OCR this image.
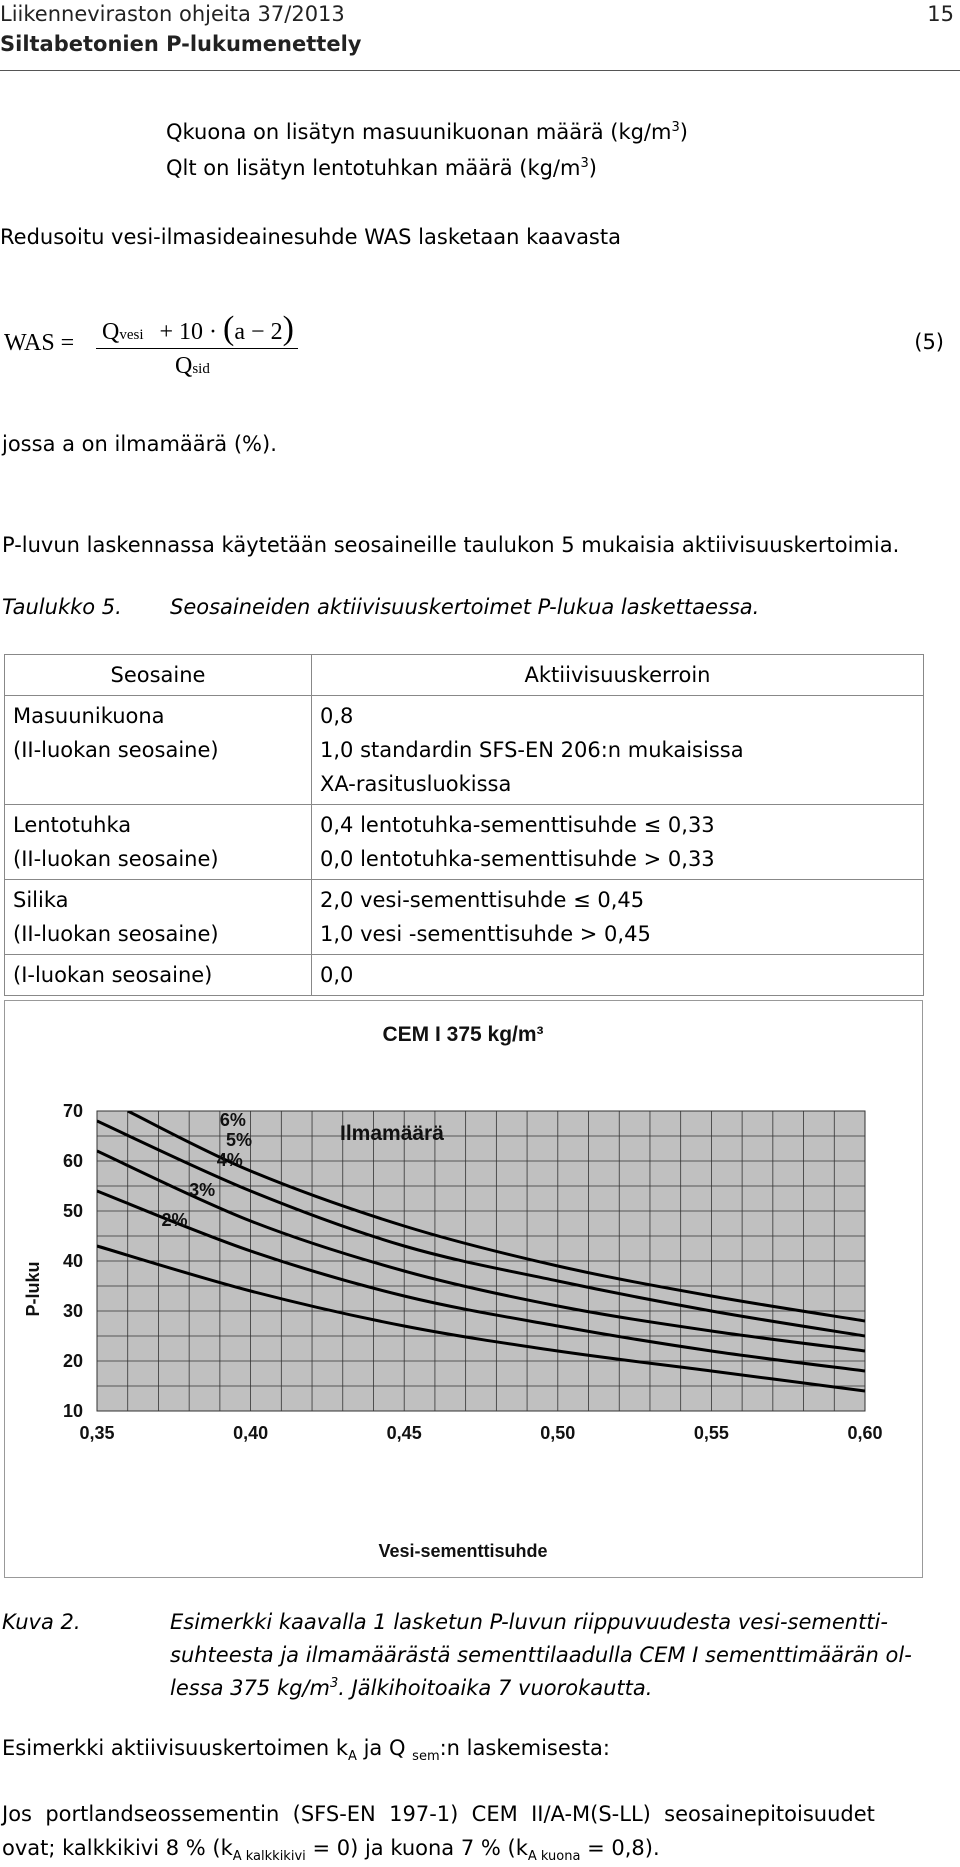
Liikenneviraston ohjeita 37/2013
Siltabetonien P-lukumenettely
15
Qkuona on lisätyn masuunikuonan määrä $(kg/m^3)$
Qlt on lisätyn lentotuhkan määrä $(kg/m^3)$
Redusoitu vesi-ilmasideainesuhde WAS lasketaan kaavasta
WAS = Qvesi + 10 · (a − 2)
Qsid
(5)
jossa a on ilmamäärä (%).
P-luvun laskennassa käytetään seosaineille taulukon 5 mukaisia aktiivisuuskertoimia.
Taulukko 5. Seosaineiden aktiivisuuskertoimet P-lukua laskettaessa.
Seosaine	Aktiivisuuskerroin

Masuunikuona
(II-luokan seosaine)	0,8
1,0 standardin SFS-EN 206:n mukaisissa
XA-rasitusluokissa

Lentotuhka
(II-luokan seosaine)	0,4 lentotuhka-sementtisuhde ≤ 0,33
0,0 lentotuhka-sementtisuhde > 0,33

Silika
(II-luokan seosaine)	2,0 vesi-sementtisuhde ≤ 0,45
1,0 vesi -sementtisuhde > 0,45

(I-luokan seosaine)	0,0
CEM I 375 kg/m³
2%
3%
4%
5%
6%
10
20
30
40
50
60
70
0,35	0,40	0,45	0,50	0,55	0,60
Ilmamäärä
Vesi-sementtisuhde
P-luku
Kuva 2.	Esimerkki kaavalla 1 lasketun P-luvun riippuvuudesta vesi-sementti-
suhteesta ja ilmamäärästä sementtilaadulla CEM I sementtimäärän ol-
lessa 375 $kg/m^3$. Jälkihoitoaika 7 vuorokautta.
Esimerkki aktiivisuuskertoimen $k_A$ ja Q $_{sem}$:n laskemisesta:
Jos  portlandseossementin  (SFS-EN  197-1)  CEM  II/A-M(S-LL)  seosainepitoisuudet
ovat; kalkkikivi 8 % $(k_{A kalkkikivi} = 0)$ ja kuona 7 % $(k_{A kuona} = 0,8)$.
